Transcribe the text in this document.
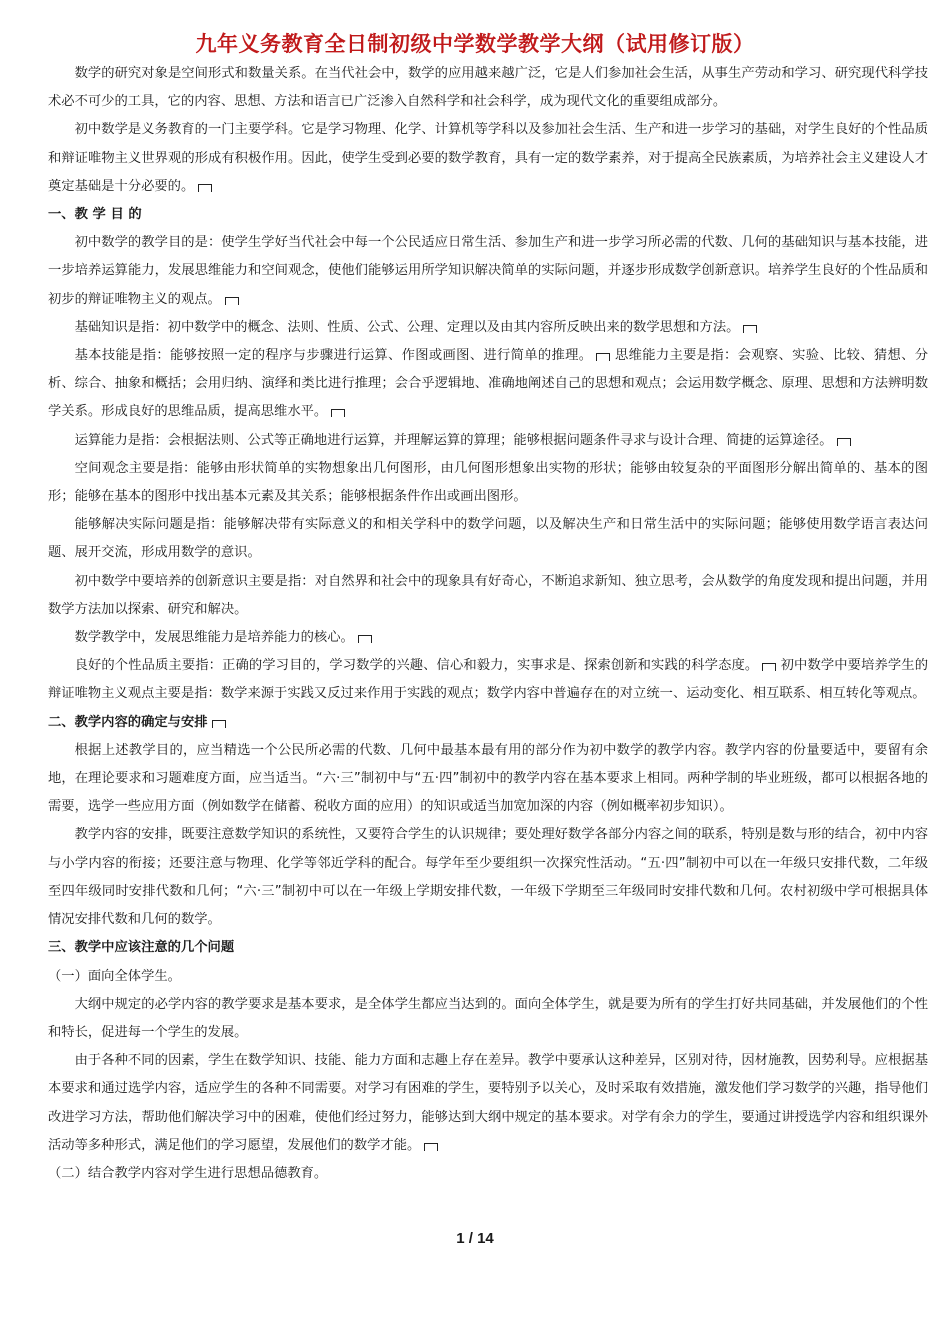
九年义务教育全日制初级中学数学教学大纲（试用修订版）

数学的研究对象是空间形式和数量关系。在当代社会中，数学的应用越来越广泛，它是人们参加社会生活，从事生产劳动和学习、研究现代科学技术必不可少的工具，它的内容、思想、方法和语言已广泛渗入自然科学和社会科学，成为现代文化的重要组成部分。

初中数学是义务教育的一门主要学科。它是学习物理、化学、计算机等学科以及参加社会生活、生产和进一步学习的基础，对学生良好的个性品质和辩证唯物主义世界观的形成有积极作用。因此，使学生受到必要的数学教育，具有一定的数学素养，对于提高全民族素质，为培养社会主义建设人才奠定基础是十分必要的。

一、教 学 目 的

初中数学的教学目的是：使学生学好当代社会中每一个公民适应日常生活、参加生产和进一步学习所必需的代数、几何的基础知识与基本技能，进一步培养运算能力，发展思维能力和空间观念，使他们能够运用所学知识解决简单的实际问题，并逐步形成数学创新意识。培养学生良好的个性品质和初步的辩证唯物主义的观点。

基础知识是指：初中数学中的概念、法则、性质、公式、公理、定理以及由其内容所反映出来的数学思想和方法。

基本技能是指：能够按照一定的程序与步骤进行运算、作图或画图、进行简单的推理。 思维能力主要是指：会观察、实验、比较、猜想、分析、综合、抽象和概括；会用归纳、演绎和类比进行推理；会合乎逻辑地、准确地阐述自己的思想和观点；会运用数学概念、原理、思想和方法辨明数学关系。形成良好的思维品质，提高思维水平。

运算能力是指：会根据法则、公式等正确地进行运算，并理解运算的算理；能够根据问题条件寻求与设计合理、简捷的运算途径。

空间观念主要是指：能够由形状简单的实物想象出几何图形，由几何图形想象出实物的形状；能够由较复杂的平面图形分解出简单的、基本的图形；能够在基本的图形中找出基本元素及其关系；能够根据条件作出或画出图形。

能够解决实际问题是指：能够解决带有实际意义的和相关学科中的数学问题，以及解决生产和日常生活中的实际问题；能够使用数学语言表达问题、展开交流，形成用数学的意识。

初中数学中要培养的创新意识主要是指：对自然界和社会中的现象具有好奇心，不断追求新知、独立思考，会从数学的角度发现和提出问题，并用数学方法加以探索、研究和解决。

数学教学中，发展思维能力是培养能力的核心。

良好的个性品质主要指：正确的学习目的，学习数学的兴趣、信心和毅力，实事求是、探索创新和实践的科学态度。 初中数学中要培养学生的辩证唯物主义观点主要是指：数学来源于实践又反过来作用于实践的观点；数学内容中普遍存在的对立统一、运动变化、相互联系、相互转化等观点。

二、教学内容的确定与安排

根据上述教学目的，应当精选一个公民所必需的代数、几何中最基本最有用的部分作为初中数学的教学内容。教学内容的份量要适中，要留有余地，在理论要求和习题难度方面，应当适当。“六·三”制初中与“五·四”制初中的教学内容在基本要求上相同。两种学制的毕业班级，都可以根据各地的需要，选学一些应用方面（例如数学在储蓄、税收方面的应用）的知识或适当加宽加深的内容（例如概率初步知识）。

教学内容的安排，既要注意数学知识的系统性，又要符合学生的认识规律；要处理好数学各部分内容之间的联系，特别是数与形的结合，初中内容与小学内容的衔接；还要注意与物理、化学等邻近学科的配合。每学年至少要组织一次探究性活动。“五·四”制初中可以在一年级只安排代数，二年级至四年级同时安排代数和几何；“六·三”制初中可以在一年级上学期安排代数，一年级下学期至三年级同时安排代数和几何。农村初级中学可根据具体情况安排代数和几何的数学。

三、教学中应该注意的几个问题

（一）面向全体学生。

大纲中规定的必学内容的教学要求是基本要求，是全体学生都应当达到的。面向全体学生，就是要为所有的学生打好共同基础，并发展他们的个性和特长，促进每一个学生的发展。

由于各种不同的因素，学生在数学知识、技能、能力方面和志趣上存在差异。教学中要承认这种差异，区别对待，因材施教，因势利导。应根据基本要求和通过选学内容，适应学生的各种不同需要。对学习有困难的学生，要特别予以关心，及时采取有效措施，激发他们学习数学的兴趣，指导他们改进学习方法，帮助他们解决学习中的困难，使他们经过努力，能够达到大纲中规定的基本要求。对学有余力的学生，要通过讲授选学内容和组织课外活动等多种形式，满足他们的学习愿望，发展他们的数学才能。

（二）结合教学内容对学生进行思想品德教育。

1 / 14
